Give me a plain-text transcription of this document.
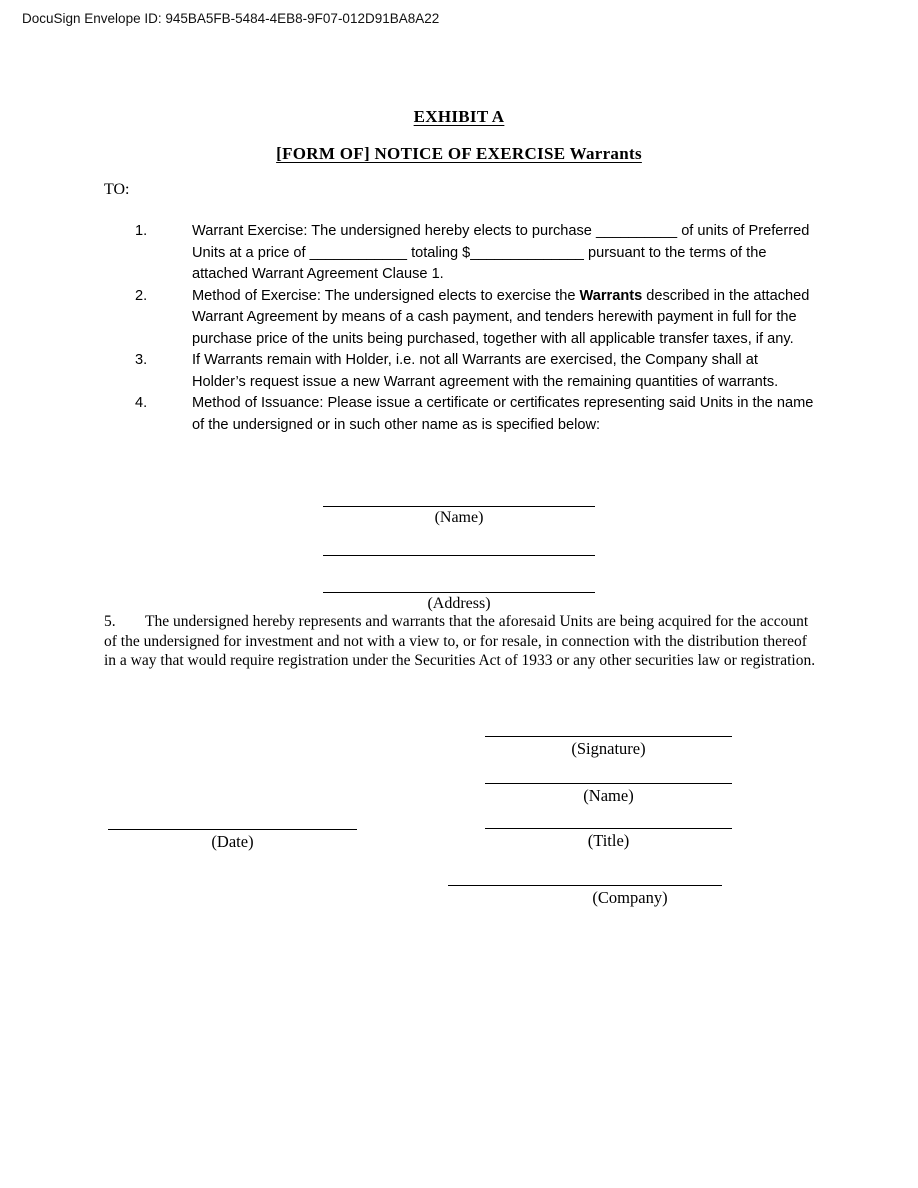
DocuSign Envelope ID: 945BA5FB-5484-4EB8-9F07-012D91BA8A22
EXHIBIT A
[FORM OF] NOTICE OF EXERCISE Warrants
TO:
1.	Warrant Exercise: The undersigned hereby elects to purchase __________ of units of Preferred Units at a price of ____________ totaling $______________ pursuant to the terms of the attached Warrant Agreement Clause 1.
2.	Method of Exercise: The undersigned elects to exercise the Warrants described in the attached Warrant Agreement by means of a cash payment, and tenders herewith payment in full for the purchase price of the units being purchased, together with all applicable transfer taxes, if any.
3.	If Warrants remain with Holder, i.e. not all Warrants are exercised, the Company shall at Holder’s request issue a new Warrant agreement with the remaining quantities of warrants.
4.	Method of Issuance: Please issue a certificate or certificates representing said Units in the name of the undersigned or in such other name as is specified below:
(Name)
(Address)
5. The undersigned hereby represents and warrants that the aforesaid Units are being acquired for the account of the undersigned for investment and not with a view to, or for resale, in connection with the distribution thereof in a way that would require registration under the Securities Act of 1933 or any other securities law or registration.
(Signature)
(Name)
(Title)
(Date)
(Company)
